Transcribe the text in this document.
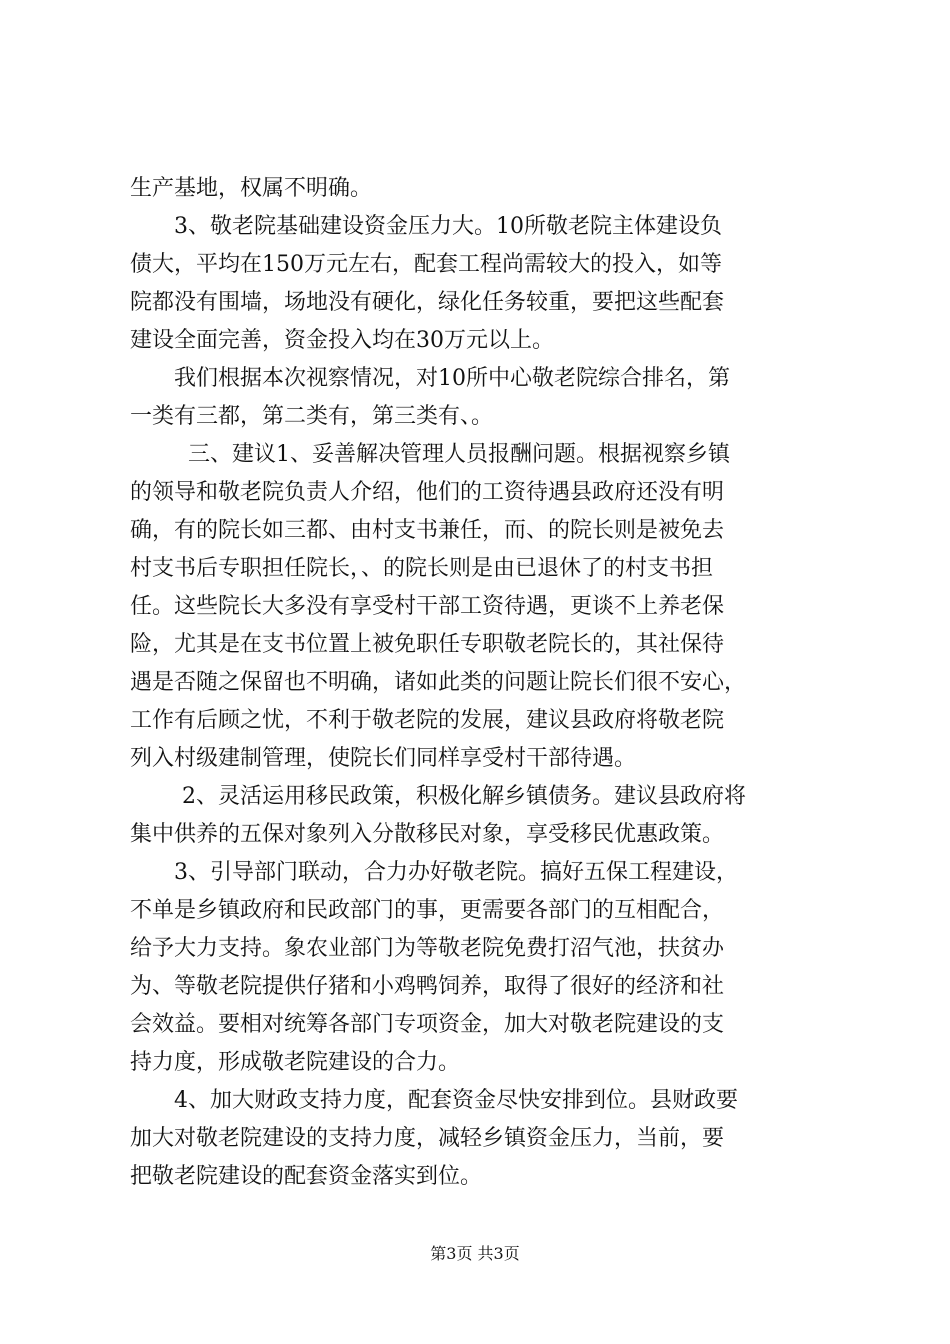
生产基地，权属不明确。
3、敬老院基础建设资金压力大。10所敬老院主体建设负
债大，平均在150万元左右，配套工程尚需较大的投入，如等
院都没有围墙，场地没有硬化，绿化任务较重，要把这些配套
建设全面完善，资金投入均在30万元以上。
我们根据本次视察情况，对10所中心敬老院综合排名，第
一类有三都，第二类有，第三类有、。
三、建议1、妥善解决管理人员报酬问题。根据视察乡镇
的领导和敬老院负责人介绍，他们的工资待遇县政府还没有明
确，有的院长如三都、由村支书兼任，而、的院长则是被免去
村支书后专职担任院长，、的院长则是由已退休了的村支书担
任。这些院长大多没有享受村干部工资待遇，更谈不上养老保
险，尤其是在支书位置上被免职任专职敬老院长的，其社保待
遇是否随之保留也不明确，诸如此类的问题让院长们很不安心，
工作有后顾之忧，不利于敬老院的发展，建议县政府将敬老院
列入村级建制管理，使院长们同样享受村干部待遇。
2、灵活运用移民政策，积极化解乡镇债务。建议县政府将
集中供养的五保对象列入分散移民对象，享受移民优惠政策。
3、引导部门联动，合力办好敬老院。搞好五保工程建设，
不单是乡镇政府和民政部门的事，更需要各部门的互相配合，
给予大力支持。象农业部门为等敬老院免费打沼气池，扶贫办
为、等敬老院提供仔猪和小鸡鸭饲养，取得了很好的经济和社
会效益。要相对统筹各部门专项资金，加大对敬老院建设的支
持力度，形成敬老院建设的合力。
4、加大财政支持力度，配套资金尽快安排到位。县财政要
加大对敬老院建设的支持力度，减轻乡镇资金压力，当前，要
把敬老院建设的配套资金落实到位。
第3页 共3页
